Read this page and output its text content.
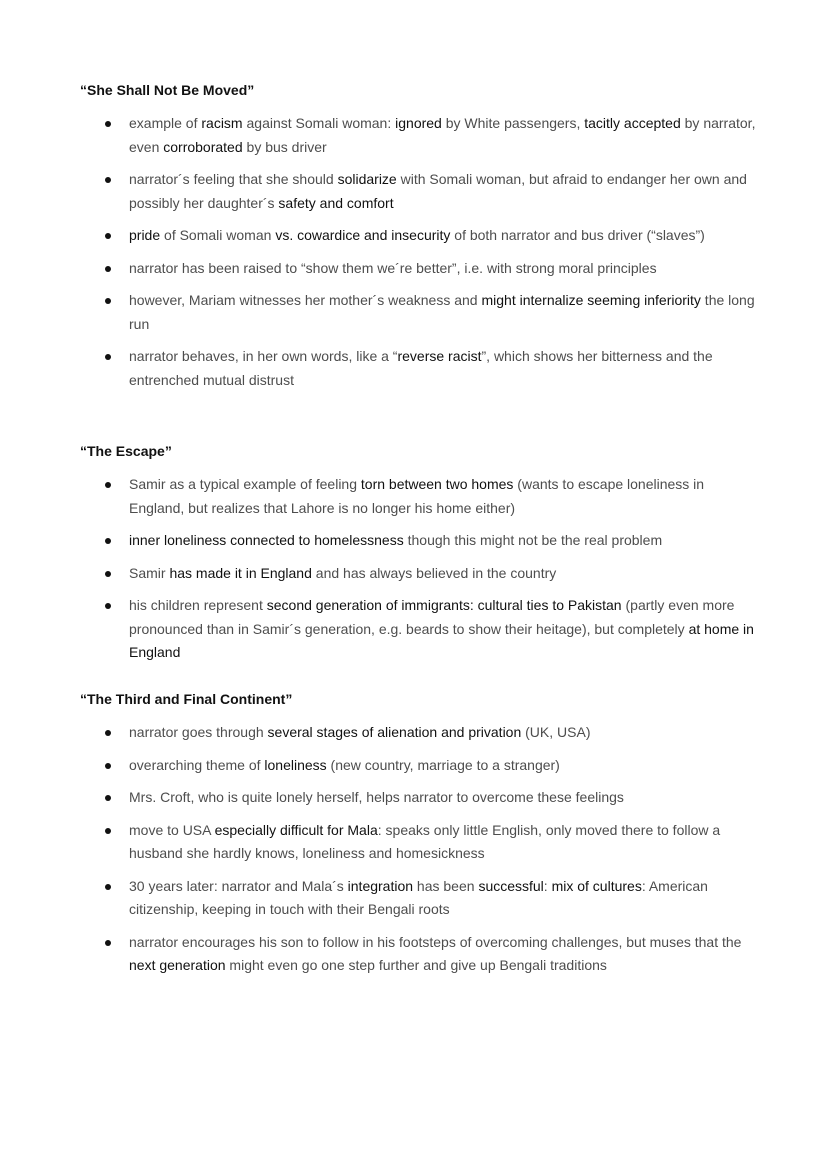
“She Shall Not Be Moved”
example of racism against Somali woman: ignored by White passengers, tacitly accepted by narrator, even corroborated by bus driver
narrator´s feeling that she should solidarize with Somali woman, but afraid to endanger her own and possibly her daughter´s safety and comfort
pride of Somali woman vs. cowardice and insecurity of both narrator and bus driver (“slaves”)
narrator has been raised to “show them we´re better”, i.e. with strong moral principles
however, Mariam witnesses her mother´s weakness and might internalize seeming inferiority the long run
narrator behaves, in her own words, like a “reverse racist”, which shows her bitterness and the entrenched mutual distrust
“The Escape”
Samir as a typical example of feeling torn between two homes (wants to escape loneliness in England, but realizes that Lahore is no longer his home either)
inner loneliness connected to homelessness though this might not be the real problem
Samir has made it in England and has always believed in the country
his children represent second generation of immigrants: cultural ties to Pakistan (partly even more pronounced than in Samir´s generation, e.g. beards to show their heitage), but completely at home in England
“The Third and Final Continent”
narrator goes through several stages of alienation and privation (UK, USA)
overarching theme of loneliness (new country, marriage to a stranger)
Mrs. Croft, who is quite lonely herself, helps narrator to overcome these feelings
move to USA especially difficult for Mala: speaks only little English, only moved there to follow a husband she hardly knows, loneliness and homesickness
30 years later: narrator and Mala´s integration has been successful: mix of cultures: American citizenship, keeping in touch with their Bengali roots
narrator encourages his son to follow in his footsteps of overcoming challenges, but muses that the next generation might even go one step further and give up Bengali traditions
